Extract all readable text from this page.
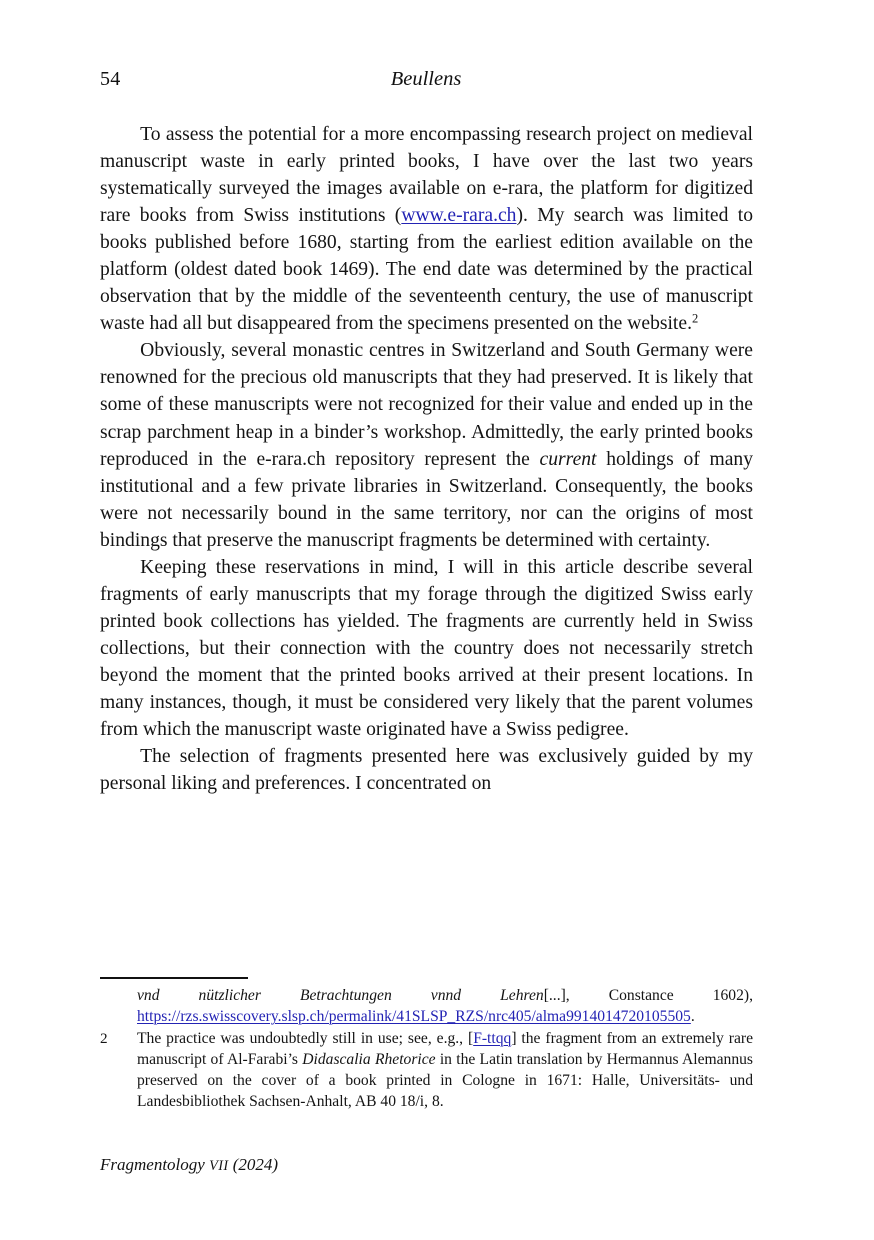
54	Beullens

To assess the potential for a more encompassing research project on medieval manuscript waste in early printed books, I have over the last two years systematically surveyed the images available on e-rara, the platform for digitized rare books from Swiss institutions (www.e-rara.ch). My search was limited to books published before 1680, starting from the earliest edition available on the platform (oldest dated book 1469). The end date was determined by the practical observation that by the middle of the seventeenth century, the use of manuscript waste had all but disappeared from the specimens presented on the website.$^2$

Obviously, several monastic centres in Switzerland and South Germany were renowned for the precious old manuscripts that they had preserved. It is likely that some of these manuscripts were not recognized for their value and ended up in the scrap parchment heap in a binder’s workshop. Admittedly, the early printed books reproduced in the e-rara.ch repository represent the current holdings of many institutional and a few private libraries in Switzerland. Consequently, the books were not necessarily bound in the same territory, nor can the origins of most bindings that preserve the manuscript fragments be determined with certainty.

Keeping these reservations in mind, I will in this article describe several fragments of early manuscripts that my forage through the digitized Swiss early printed book collections has yielded. The fragments are currently held in Swiss collections, but their connection with the country does not necessarily stretch beyond the moment that the printed books arrived at their present locations. In many instances, though, it must be considered very likely that the parent volumes from which the manuscript waste originated have a Swiss pedigree.

The selection of fragments presented here was exclusively guided by my personal liking and preferences. I concentrated on

vnd nützlicher Betrachtungen vnnd Lehren[...], Constance 1602), https://rzs.swisscovery.slsp.ch/permalink/41SLSP_RZS/nrc405/alma9914014720105505.

2	The practice was undoubtedly still in use; see, e.g., [F-ttqq] the fragment from an extremely rare manuscript of Al-Farabi’s Didascalia Rhetorice in the Latin translation by Hermannus Alemannus preserved on the cover of a book printed in Cologne in 1671: Halle, Universitäts- und Landesbibliothek Sachsen-Anhalt, AB 40 18/i, 8.

Fragmentology VII (2024)
